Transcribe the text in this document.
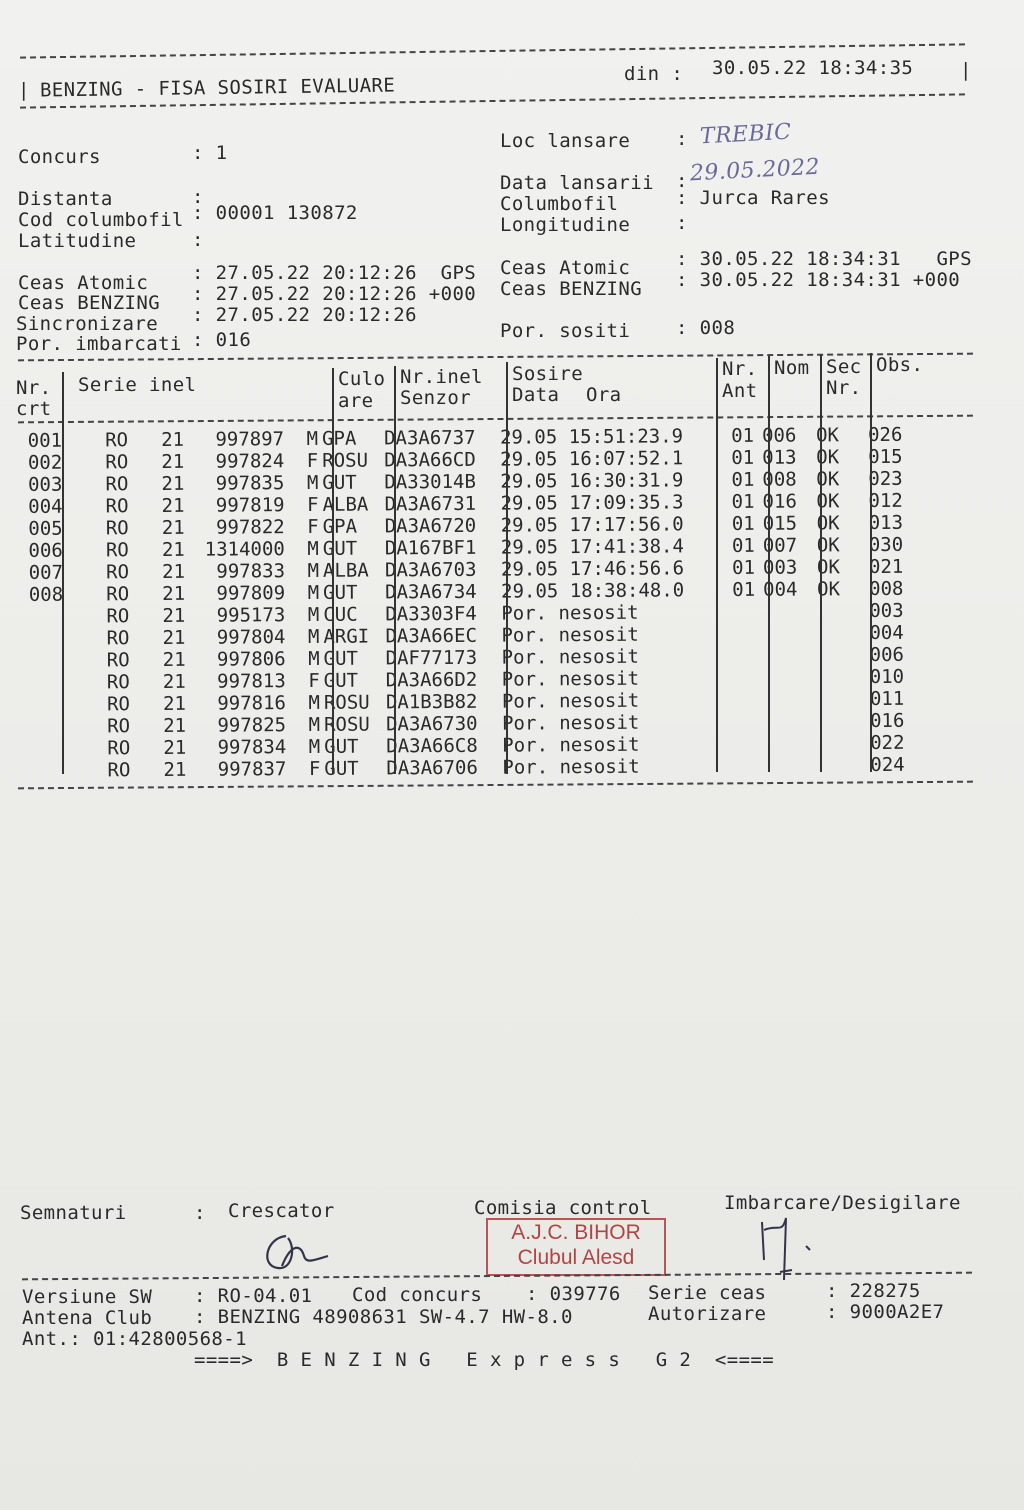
| BENZING - FISA SOSIRI EVALUARE
din : 30.05.22 18:34:35 |
Concurs	: 1
Distanta	:
Cod columbofil : 00001 130872
Latitudine	:
Ceas Atomic : 27.05.22 20:12:26  GPS
Ceas BENZING : 27.05.22 20:12:26 +000
Sincronizare : 27.05.22 20:12:26
Por. imbarcati : 016
Loc lansare : TREBIC
Data lansarii : 29.05.2022
Columbofil	: Jurca Rares
Longitudine :
Ceas Atomic : 30.05.22 18:34:31   GPS
Ceas BENZING : 30.05.22 18:34:31 +000
Por. sositi : 008
Nr.
crt
Serie inel	Culo
are
Nr.inel
Senzor
Sosire
Data Ora
Nr.
Ant
Nom Sec
Nr.
Obs.
001	RO	21	997897	M	GPA	DA3A6737	29.05 15:51:23.9	01	006	OK	026
002	RO	21	997824	F	ROSU	DA3A66CD	29.05 16:07:52.1	01	013	OK	015
003	RO	21	997835	M	GUT	DA33014B	29.05 16:30:31.9	01	008	OK	023
004	RO	21	997819	F	ALBA	DA3A6731	29.05 17:09:35.3	01	016	OK	012
005	RO	21	997822	F	GPA	DA3A6720	29.05 17:17:56.0	01	015	OK	013
006	RO	21	1314000	M	GUT	DA167BF1	29.05 17:41:38.4	01	007	OK	030
007	RO	21	997833	M	ALBA	DA3A6703	29.05 17:46:56.6	01	003	OK	021
008	RO	21	997809	M	GUT	DA3A6734	29.05 18:38:48.0	01	004	OK	008
	RO	21	995173	M	CUC	DA3303F4	Por. nesosit				003
	RO	21	997804	M	ARGI	DA3A66EC	Por. nesosit				004
	RO	21	997806	M	GUT	DAF77173	Por. nesosit				006
	RO	21	997813	F	GUT	DA3A66D2	Por. nesosit				010
	RO	21	997816	M	ROSU	DA1B3B82	Por. nesosit				011
	RO	21	997825	M	ROSU	DA3A6730	Por. nesosit				016
	RO	21	997834	M	GUT	DA3A66C8	Por. nesosit				022
	RO	21	997837	F	GUT	DA3A6706	Por. nesosit				024
Semnaturi	: Crescator	Comisia control	Imbarcare/Desigilare
A.J.C. BIHOR
Clubul Alesd
Versiune SW : RO-04.01 Cod concurs : 039776 Serie ceas	: 228275
Antena Club : BENZING 48908631 SW-4.7 HW-8.0	Autorizare	: 9000A2E7
Ant.: 01:42800568-1
====>  B E N Z I N G   E x p r e s s   G 2  <====
